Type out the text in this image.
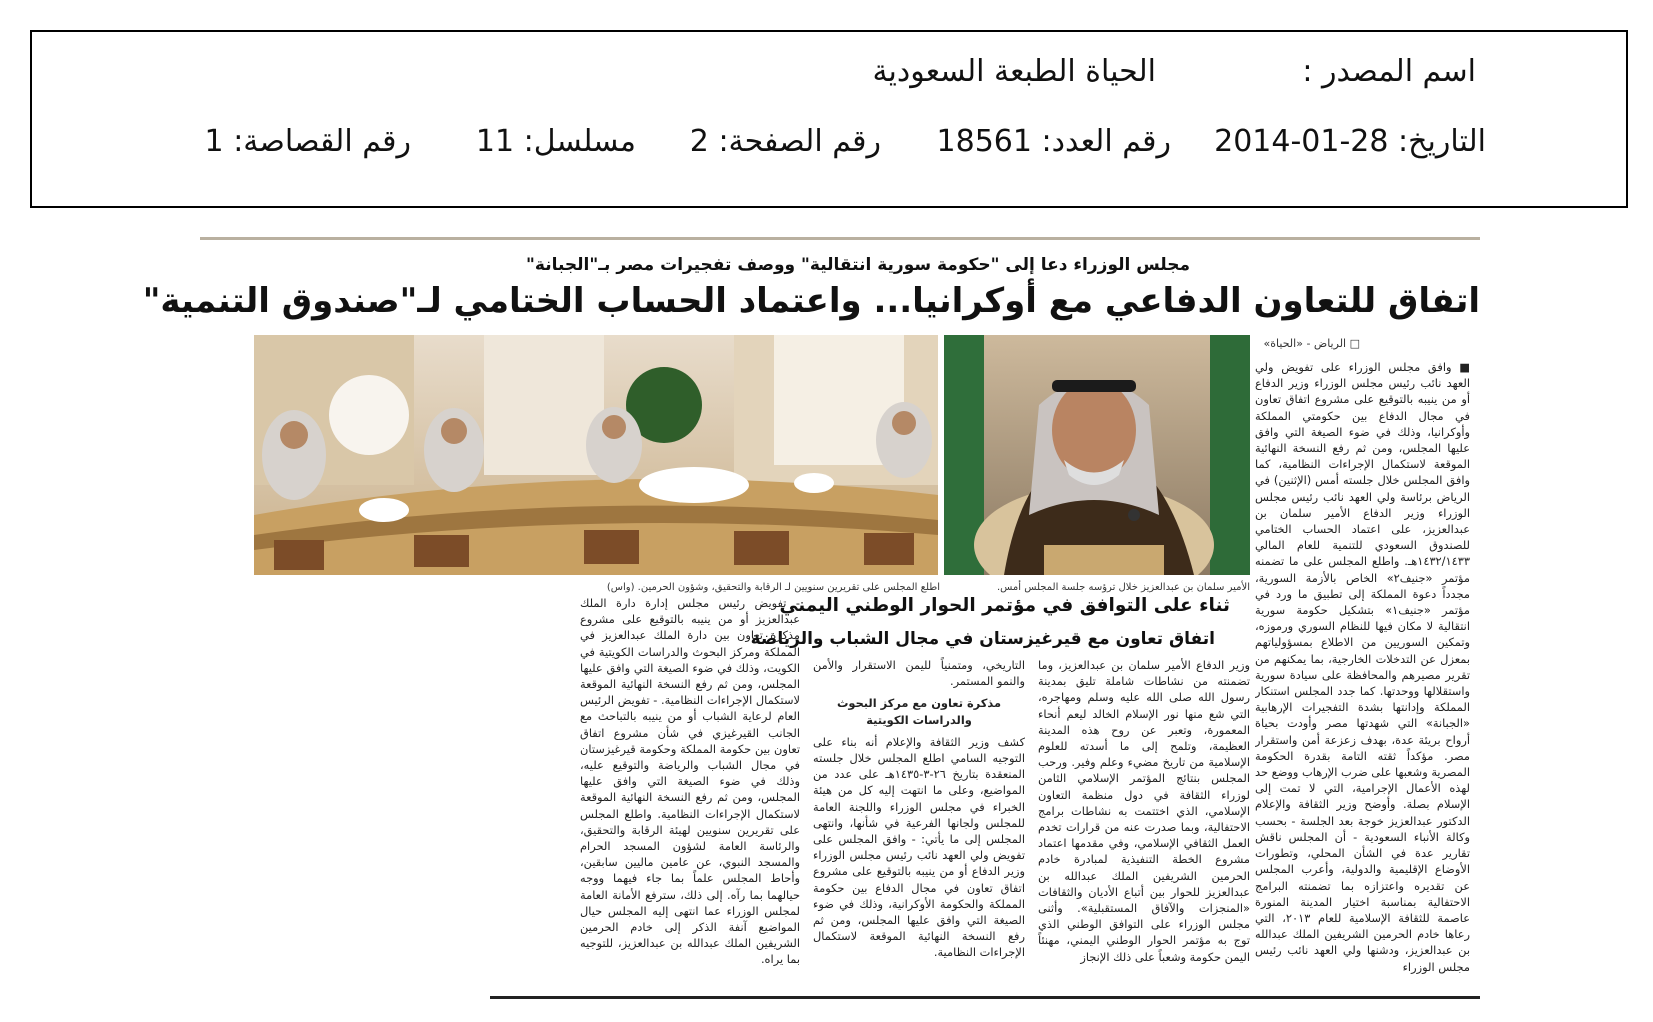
اسم المصدر :
الحياة الطبعة السعودية
التاريخ: 2014-01-28
رقم العدد: 18561
رقم الصفحة: 2
مسلسل: 11
رقم القصاصة: 1
مجلس الوزراء دعا إلى "حكومة سورية انتقالية" ووصف تفجيرات مصر بـ"الجبانة"
اتفاق للتعاون الدفاعي مع أوكرانيا... واعتماد الحساب الختامي لـ"صندوق التنمية"
الأمير سلمان بن عبدالعزيز خلال ترؤسه جلسة المجلس أمس.
اطلع المجلس على تقريرين سنويين لـ الرقابة والتحقيق، وشؤون الحرمين. (واس)
□ الرياض - «الحياة»
■ وافق مجلس الوزراء على تفويض ولي العهد نائب رئيس مجلس الوزراء وزير الدفاع أو من ينيبه بالتوقيع على مشروع اتفاق تعاون في مجال الدفاع بين حكومتي المملكة وأوكرانيا، وذلك في ضوء الصيغة التي وافق عليها المجلس، ومن ثم رفع النسخة النهائية الموقعة لاستكمال الإجراءات النظامية، كما وافق المجلس خلال جلسته أمس (الإثنين) في الرياض برئاسة ولي العهد نائب رئيس مجلس الوزراء وزير الدفاع الأمير سلمان بن عبدالعزيز، على اعتماد الحساب الختامي للصندوق السعودي للتنمية للعام المالي ١٤٣٢/١٤٣٣هـ. واطلع المجلس على ما تضمنه مؤتمر «جنيف٢» الخاص بالأزمة السورية، مجدداً دعوة المملكة إلى تطبيق ما ورد في مؤتمر «جنيف١» بتشكيل حكومة سورية انتقالية لا مكان فيها للنظام السوري ورموزه، وتمكين السوريين من الاطلاع بمسؤولياتهم بمعزل عن التدخلات الخارجية، بما يمكنهم من تقرير مصيرهم والمحافظة على سيادة سورية واستقلالها ووحدتها. كما جدد المجلس استنكار المملكة وإدانتها بشدة التفجيرات الإرهابية «الجبانة» التي شهدتها مصر وأودت بحياة أرواح بريئة عدة، بهدف زعزعة أمن واستقرار مصر. مؤكداً ثقته التامة بقدرة الحكومة المصرية وشعبها على ضرب الإرهاب ووضع حد لهذه الأعمال الإجرامية، التي لا تمت إلى الإسلام بصلة. وأوضح وزير الثقافة والإعلام الدكتور عبدالعزيز خوجة بعد الجلسة - بحسب وكالة الأنباء السعودية - أن المجلس ناقش تقارير عدة في الشأن المحلي، وتطورات الأوضاع الإقليمية والدولية، وأعرب المجلس عن تقديره واعتزازه بما تضمنته البرامج الاحتفالية بمناسبة اختيار المدينة المنورة عاصمة للثقافة الإسلامية للعام ٢٠١٣، التي رعاها خادم الحرمين الشريفين الملك عبدالله بن عبدالعزيز، ودشنها ولي العهد نائب رئيس مجلس الوزراء
ثناء على التوافق في مؤتمر الحوار الوطني اليمني
اتفاق تعاون مع قيرغيزستان في مجال الشباب والرياضة
وزير الدفاع الأمير سلمان بن عبدالعزيز، وما تضمنته من نشاطات شاملة تليق بمدينة رسول الله صلى الله عليه وسلم ومهاجره، التي شع منها نور الإسلام الخالد ليعم أنحاء المعمورة، وتعبر عن روح هذه المدينة العظيمة، وتلمح إلى ما أسدته للعلوم الإسلامية من تاريخ مضيء وعلم وفير. ورحب المجلس بنتائج المؤتمر الإسلامي الثامن لوزراء الثقافة في دول منظمة التعاون الإسلامي، الذي اختتمت به نشاطات برامج الاحتفالية، وبما صدرت عنه من قرارات تخدم العمل الثقافي الإسلامي، وفي مقدمها اعتماد مشروع الخطة التنفيذية لمبادرة خادم الحرمين الشريفين الملك عبدالله بن عبدالعزيز للحوار بين أتباع الأديان والثقافات «المنجزات والآفاق المستقبلية». وأثنى مجلس الوزراء على التوافق الوطني الذي توج به مؤتمر الحوار الوطني اليمني، مهنئاً اليمن حكومة وشعباً على ذلك الإنجاز
التاريخي، ومتمنياً لليمن الاستقرار والأمن والنمو المستمر.
مذكرة تعاون مع مركز البحوث والدراسات الكويتية
كشف وزير الثقافة والإعلام أنه بناء على التوجيه السامي اطلع المجلس خلال جلسته المنعقدة بتاريخ ٢٦-٣-١٤٣٥هـ على عدد من المواضيع، وعلى ما انتهت إليه كل من هيئة الخبراء في مجلس الوزراء واللجنة العامة للمجلس ولجانها الفرعية في شأنها، وانتهى المجلس إلى ما يأتي: - وافق المجلس على تفويض ولي العهد نائب رئيس مجلس الوزراء وزير الدفاع أو من ينيبه بالتوقيع على مشروع اتفاق تعاون في مجال الدفاع بين حكومة المملكة والحكومة الأوكرانية، وذلك في ضوء الصيغة التي وافق عليها المجلس، ومن ثم رفع النسخة النهائية الموقعة لاستكمال الإجراءات النظامية.
- تفويض رئيس مجلس إدارة دارة الملك عبدالعزيز أو من ينيبه بالتوقيع على مشروع مذكرة تعاون بين دارة الملك عبدالعزيز في المملكة ومركز البحوث والدراسات الكويتية في الكويت، وذلك في ضوء الصيغة التي وافق عليها المجلس، ومن ثم رفع النسخة النهائية الموقعة لاستكمال الإجراءات النظامية. - تفويض الرئيس العام لرعاية الشباب أو من ينيبه بالتباحث مع الجانب القيرغيزي في شأن مشروع اتفاق تعاون بين حكومة المملكة وحكومة قيرغيزستان في مجال الشباب والرياضة والتوقيع عليه، وذلك في ضوء الصيغة التي وافق عليها المجلس، ومن ثم رفع النسخة النهائية الموقعة لاستكمال الإجراءات النظامية. واطلع المجلس على تقريرين سنويين لهيئة الرقابة والتحقيق، والرئاسة العامة لشؤون المسجد الحرام والمسجد النبوي، عن عامين ماليين سابقين، وأحاط المجلس علماً بما جاء فيهما ووجه حيالهما بما رآه. إلى ذلك، سترفع الأمانة العامة لمجلس الوزراء عما انتهى إليه المجلس حيال المواضيع آنفة الذكر إلى خادم الحرمين الشريفين الملك عبدالله بن عبدالعزيز، للتوجيه بما يراه.
